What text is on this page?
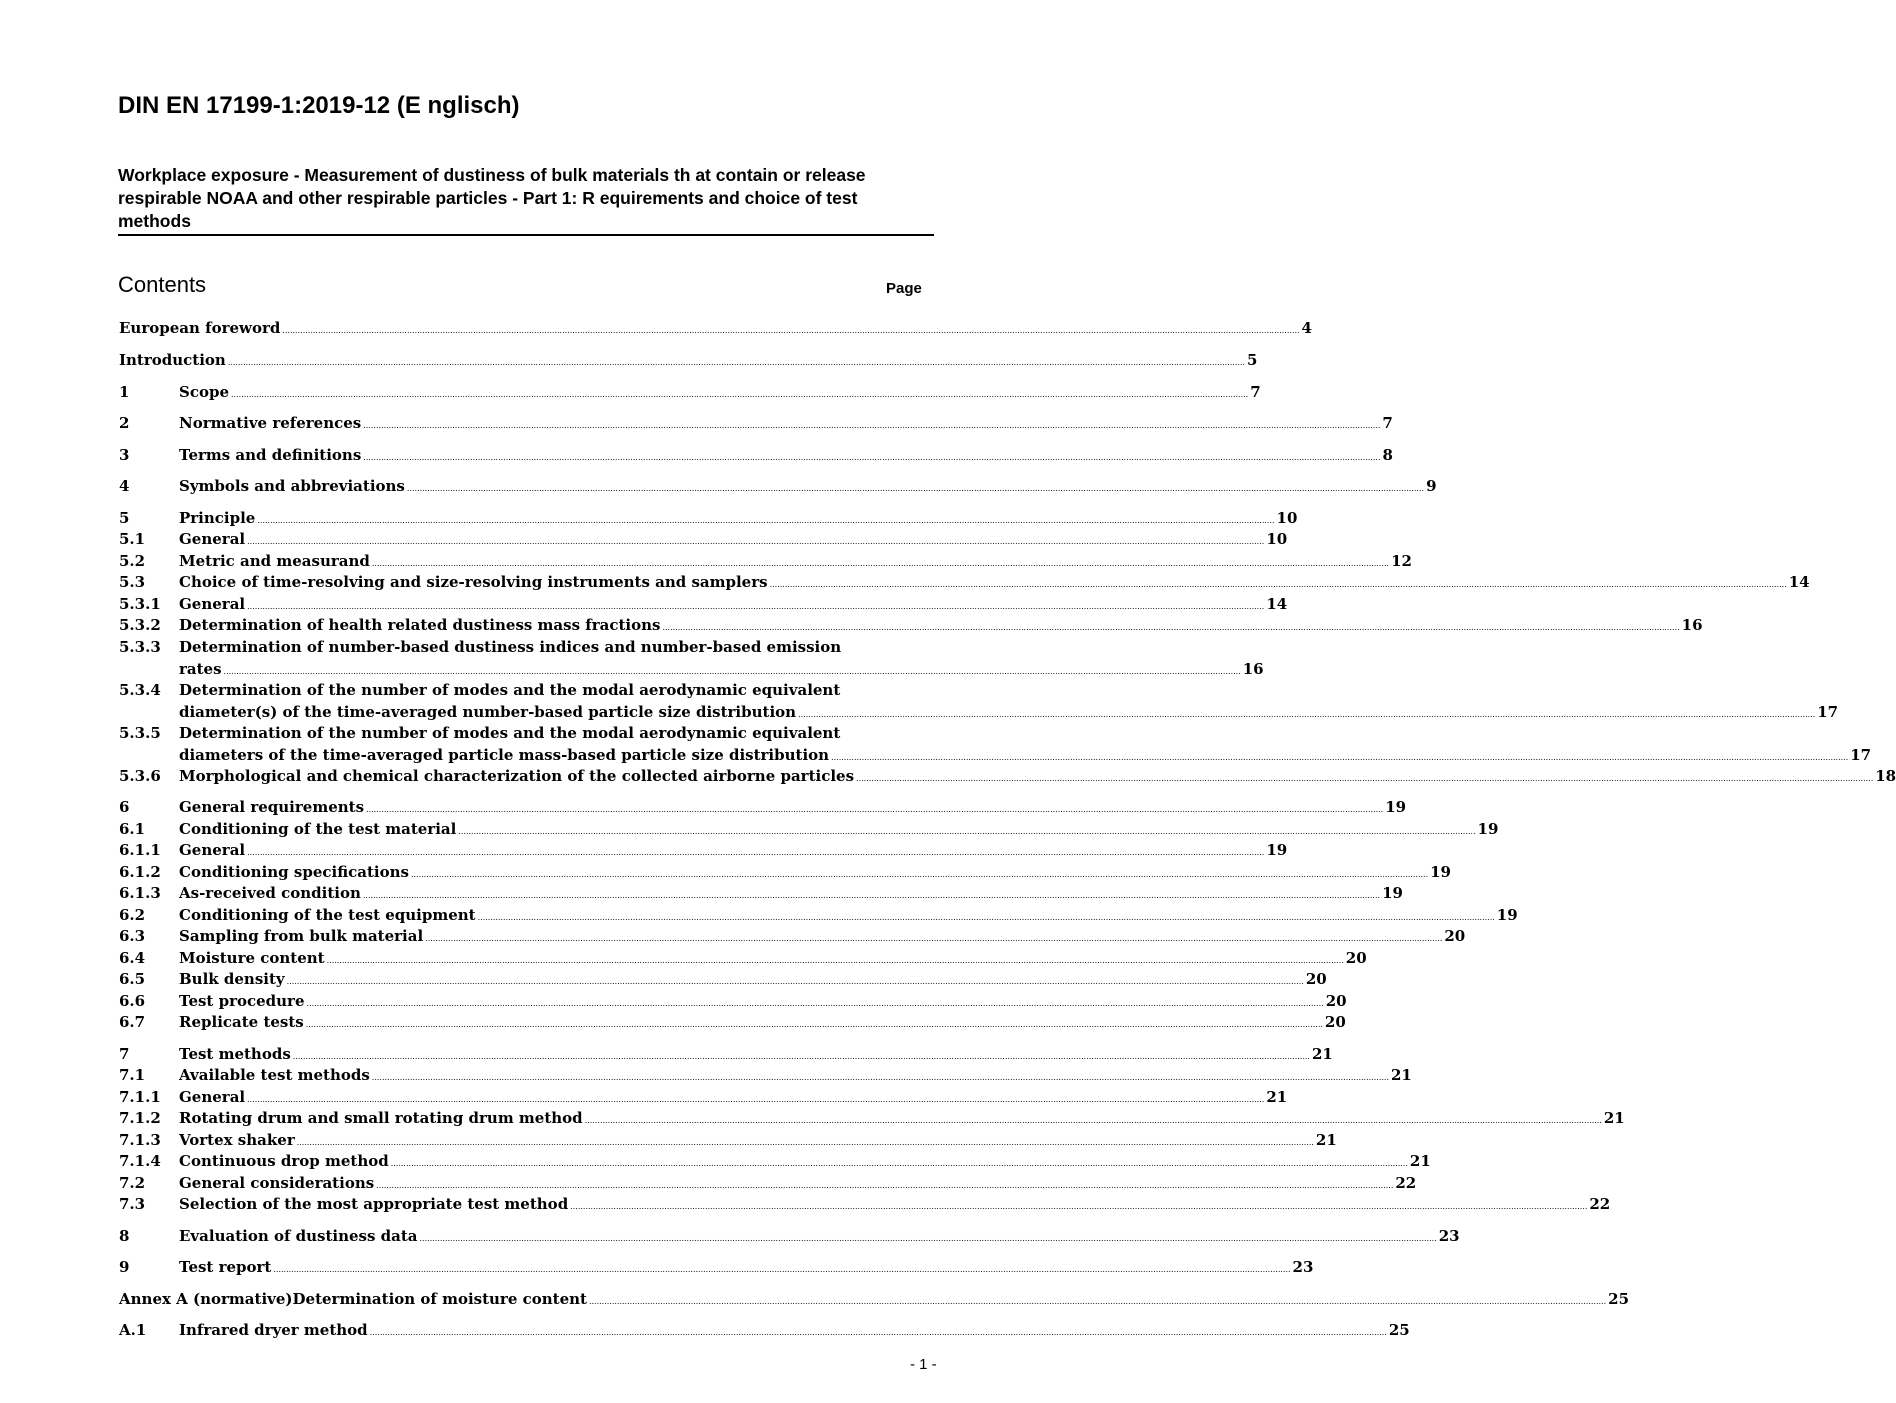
DIN EN 17199-1:2019-12 (E nglisch)
Workplace exposure - Measurement of dustiness of bulk materials th at contain or release respirable NOAA and other respirable particles - Part 1: R equirements and choice of test methods
Contents	Page
European foreword ................................................................................................................................................................................................................................................................................................................................................................................................................ 4
Introduction ................................................................................................................................................................................................................................................................................................................................................................................................................ 5
1	Scope ................................................................................................................................................................................................................................................................................................................................................................................................................ 7
2	Normative references ................................................................................................................................................................................................................................................................................................................................................................................................................ 7
3	Terms and definitions ................................................................................................................................................................................................................................................................................................................................................................................................................ 8
4	Symbols and abbreviations ................................................................................................................................................................................................................................................................................................................................................................................................................ 9
5	Principle ................................................................................................................................................................................................................................................................................................................................................................................................................ 10
5.1	General ................................................................................................................................................................................................................................................................................................................................................................................................................ 10
5.2	Metric and measurand ................................................................................................................................................................................................................................................................................................................................................................................................................ 12
5.3	Choice of time-resolving and size-resolving instruments and samplers ................................................................................................................................................................................................................................................................................................................................................................................................................ 14
5.3.1	General ................................................................................................................................................................................................................................................................................................................................................................................................................ 14
5.3.2	Determination of health related dustiness mass fractions ................................................................................................................................................................................................................................................................................................................................................................................................................ 16
5.3.3	Determination of number-based dustiness indices and number-based emission
rates ................................................................................................................................................................................................................................................................................................................................................................................................................ 16
5.3.4	Determination of the number of modes and the modal aerodynamic equivalent
diameter(s) of the time-averaged number-based particle size distribution ................................................................................................................................................................................................................................................................................................................................................................................................................ 17
5.3.5	Determination of the number of modes and the modal aerodynamic equivalent
diameters of the time-averaged particle mass-based particle size distribution ................................................................................................................................................................................................................................................................................................................................................................................................................ 17
5.3.6	Morphological and chemical characterization of the collected airborne particles ................................................................................................................................................................................................................................................................................................................................................................................................................ 18
6	General requirements ................................................................................................................................................................................................................................................................................................................................................................................................................ 19
6.1	Conditioning of the test material ................................................................................................................................................................................................................................................................................................................................................................................................................ 19
6.1.1	General ................................................................................................................................................................................................................................................................................................................................................................................................................ 19
6.1.2	Conditioning specifications ................................................................................................................................................................................................................................................................................................................................................................................................................ 19
6.1.3	As-received condition ................................................................................................................................................................................................................................................................................................................................................................................................................ 19
6.2	Conditioning of the test equipment ................................................................................................................................................................................................................................................................................................................................................................................................................ 19
6.3	Sampling from bulk material ................................................................................................................................................................................................................................................................................................................................................................................................................ 20
6.4	Moisture content ................................................................................................................................................................................................................................................................................................................................................................................................................ 20
6.5	Bulk density ................................................................................................................................................................................................................................................................................................................................................................................................................ 20
6.6	Test procedure ................................................................................................................................................................................................................................................................................................................................................................................................................ 20
6.7	Replicate tests ................................................................................................................................................................................................................................................................................................................................................................................................................ 20
7	Test methods ................................................................................................................................................................................................................................................................................................................................................................................................................ 21
7.1	Available test methods ................................................................................................................................................................................................................................................................................................................................................................................................................ 21
7.1.1	General ................................................................................................................................................................................................................................................................................................................................................................................................................ 21
7.1.2	Rotating drum and small rotating drum method ................................................................................................................................................................................................................................................................................................................................................................................................................ 21
7.1.3	Vortex shaker ................................................................................................................................................................................................................................................................................................................................................................................................................ 21
7.1.4	Continuous drop method ................................................................................................................................................................................................................................................................................................................................................................................................................ 21
7.2	General considerations ................................................................................................................................................................................................................................................................................................................................................................................................................ 22
7.3	Selection of the most appropriate test method ................................................................................................................................................................................................................................................................................................................................................................................................................ 22
8	Evaluation of dustiness data ................................................................................................................................................................................................................................................................................................................................................................................................................ 23
9	Test report ................................................................................................................................................................................................................................................................................................................................................................................................................ 23
Annex A (normative) Determination of moisture content ................................................................................................................................................................................................................................................................................................................................................................................................................ 25
A.1	Infrared dryer method ................................................................................................................................................................................................................................................................................................................................................................................................................ 25
- 1 -
